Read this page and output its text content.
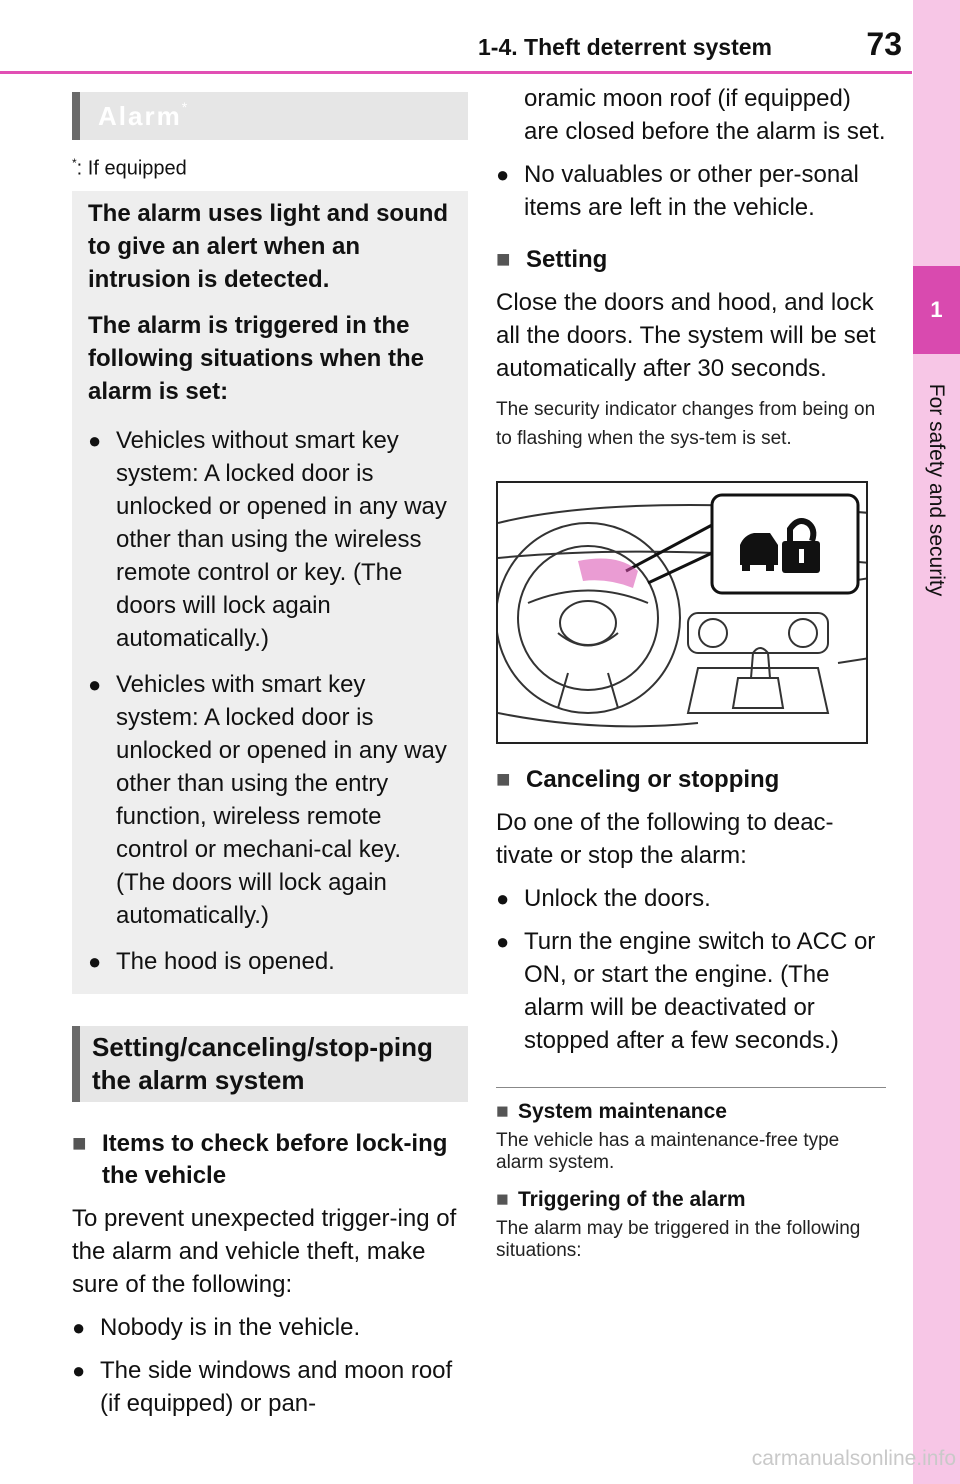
1-4. Theft deterrent system	73
1
For safety and security
Alarm*
*: If equipped

The alarm uses light and sound to give an alert when an intrusion is detected.

The alarm is triggered in the following situations when the alarm is set:

● Vehicles without smart key system: A locked door is unlocked or opened in any way other than using the wireless remote control or key. (The doors will lock again automatically.)
● Vehicles with smart key system: A locked door is unlocked or opened in any way other than using the entry function, wireless remote control or mechani-cal key. (The doors will lock again automatically.)
● The hood is opened.
Setting/canceling/stop-ping the alarm system
■ Items to check before lock-ing the vehicle

To prevent unexpected trigger-ing of the alarm and vehicle theft, make sure of the following:

● Nobody is in the vehicle.
● The side windows and moon roof (if equipped) or pan-

oramic moon roof (if equipped) are closed before the alarm is set.

● No valuables or other per-sonal items are left in the vehicle.
■ Setting

Close the doors and hood, and lock all the doors. The system will be set automatically after 30 seconds.

The security indicator changes from being on to flashing when the sys-tem is set.

■ Canceling or stopping

Do one of the following to deac-tivate or stop the alarm:

● Unlock the doors.
● Turn the engine switch to ACC or ON, or start the engine. (The alarm will be deactivated or stopped after a few seconds.)
■ System maintenance

The vehicle has a maintenance-free type alarm system.

■ Triggering of the alarm

The alarm may be triggered in the following situations:

carmanualsonline.info
